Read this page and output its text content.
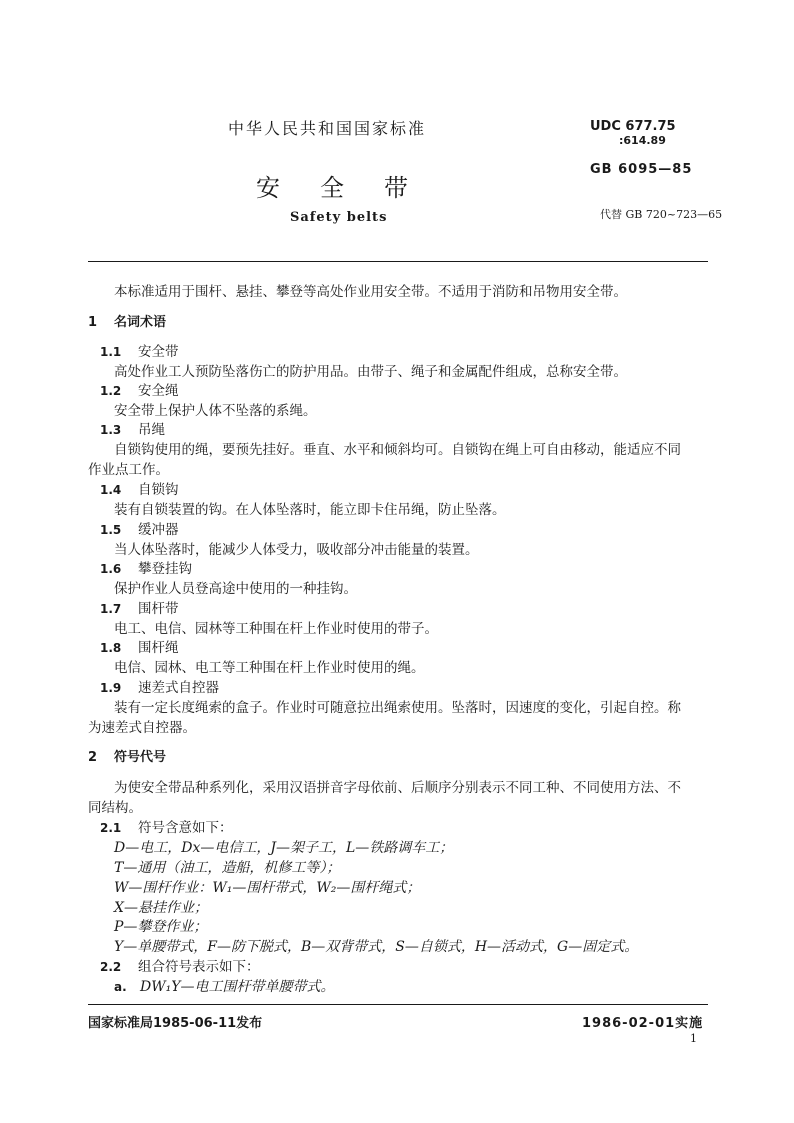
中华人民共和国国家标准
安全带
Safety belts
UDC 677.75
:614.89
GB 6095—85
代替 GB 720~723—65
本标准适用于围杆、悬挂、攀登等高处作业用安全带。不适用于消防和吊物用安全带。
1 名词术语
1.1 安全带
高处作业工人预防坠落伤亡的防护用品。由带子、绳子和金属配件组成，总称安全带。
1.2 安全绳
安全带上保护人体不坠落的系绳。
1.3 吊绳
自锁钩使用的绳，要预先挂好。垂直、水平和倾斜均可。自锁钩在绳上可自由移动，能适应不同
作业点工作。
1.4 自锁钩
装有自锁装置的钩。在人体坠落时，能立即卡住吊绳，防止坠落。
1.5 缓冲器
当人体坠落时，能减少人体受力，吸收部分冲击能量的装置。
1.6 攀登挂钩
保护作业人员登高途中使用的一种挂钩。
1.7 围杆带
电工、电信、园林等工种围在杆上作业时使用的带子。
1.8 围杆绳
电信、园林、电工等工种围在杆上作业时使用的绳。
1.9 速差式自控器
装有一定长度绳索的盒子。作业时可随意拉出绳索使用。坠落时，因速度的变化，引起自控。称
为速差式自控器。
2 符号代号
为使安全带品种系列化，采用汉语拼音字母依前、后顺序分别表示不同工种、不同使用方法、不
同结构。
2.1 符号含意如下：
D—电工，Dx—电信工，J—架子工，L—铁路调车工；
T—通用（油工，造船，机修工等）；
W—围杆作业：W₁—围杆带式，W₂—围杆绳式；
X—悬挂作业；
P—攀登作业；
Y—单腰带式，F—防下脱式，B—双背带式，S—自锁式，H—活动式，G—固定式。
2.2 组合符号表示如下：
a. DW₁Y—电工围杆带单腰带式。
国家标准局1985-06-11发布	1986-02-01实施
1
